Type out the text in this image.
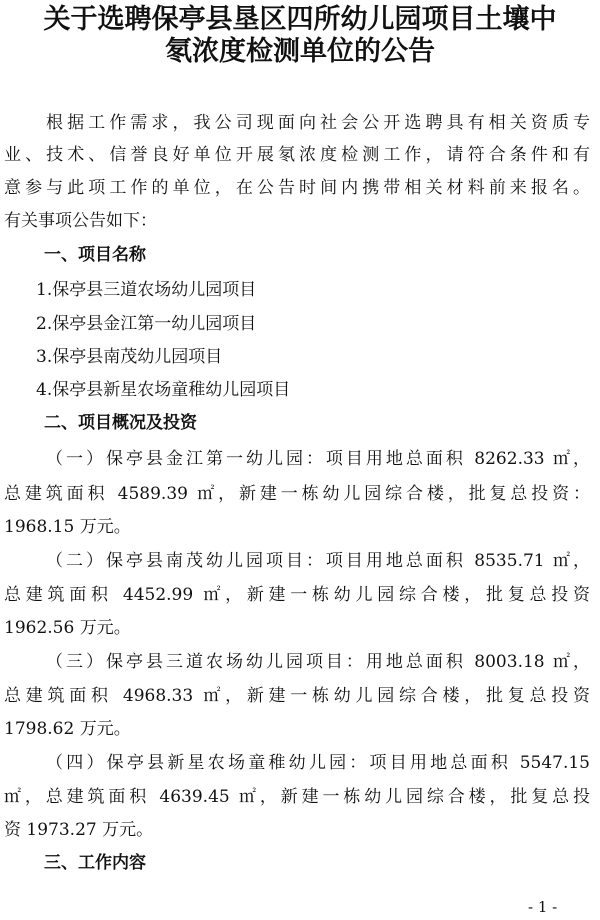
关于选聘保亭县垦区四所幼儿园项目土壤中
氡浓度检测单位的公告
根据工作需求，我公司现面向社会公开选聘具有相关资质专
业、技术、信誉良好单位开展氡浓度检测工作，请符合条件和有
意参与此项工作的单位，在公告时间内携带相关材料前来报名。
有关事项公告如下：
一、项目名称
1.保亭县三道农场幼儿园项目
2.保亭县金江第一幼儿园项目
3.保亭县南茂幼儿园项目
4.保亭县新星农场童稚幼儿园项目
二、项目概况及投资
（一）保亭县金江第一幼儿园：项目用地总面积 8262.33 ㎡，
总建筑面积 4589.39 ㎡，新建一栋幼儿园综合楼，批复总投资：
1968.15 万元。
（二）保亭县南茂幼儿园项目：项目用地总面积 8535.71 ㎡，
总建筑面积 4452.99 ㎡，新建一栋幼儿园综合楼，批复总投资
1962.56 万元。
（三）保亭县三道农场幼儿园项目：用地总面积 8003.18 ㎡，
总建筑面积 4968.33 ㎡，新建一栋幼儿园综合楼，批复总投资
1798.62 万元。
（四）保亭县新星农场童稚幼儿园：项目用地总面积 5547.15
㎡，总建筑面积 4639.45 ㎡，新建一栋幼儿园综合楼，批复总投
资 1973.27 万元。
三、工作内容
- 1 -
